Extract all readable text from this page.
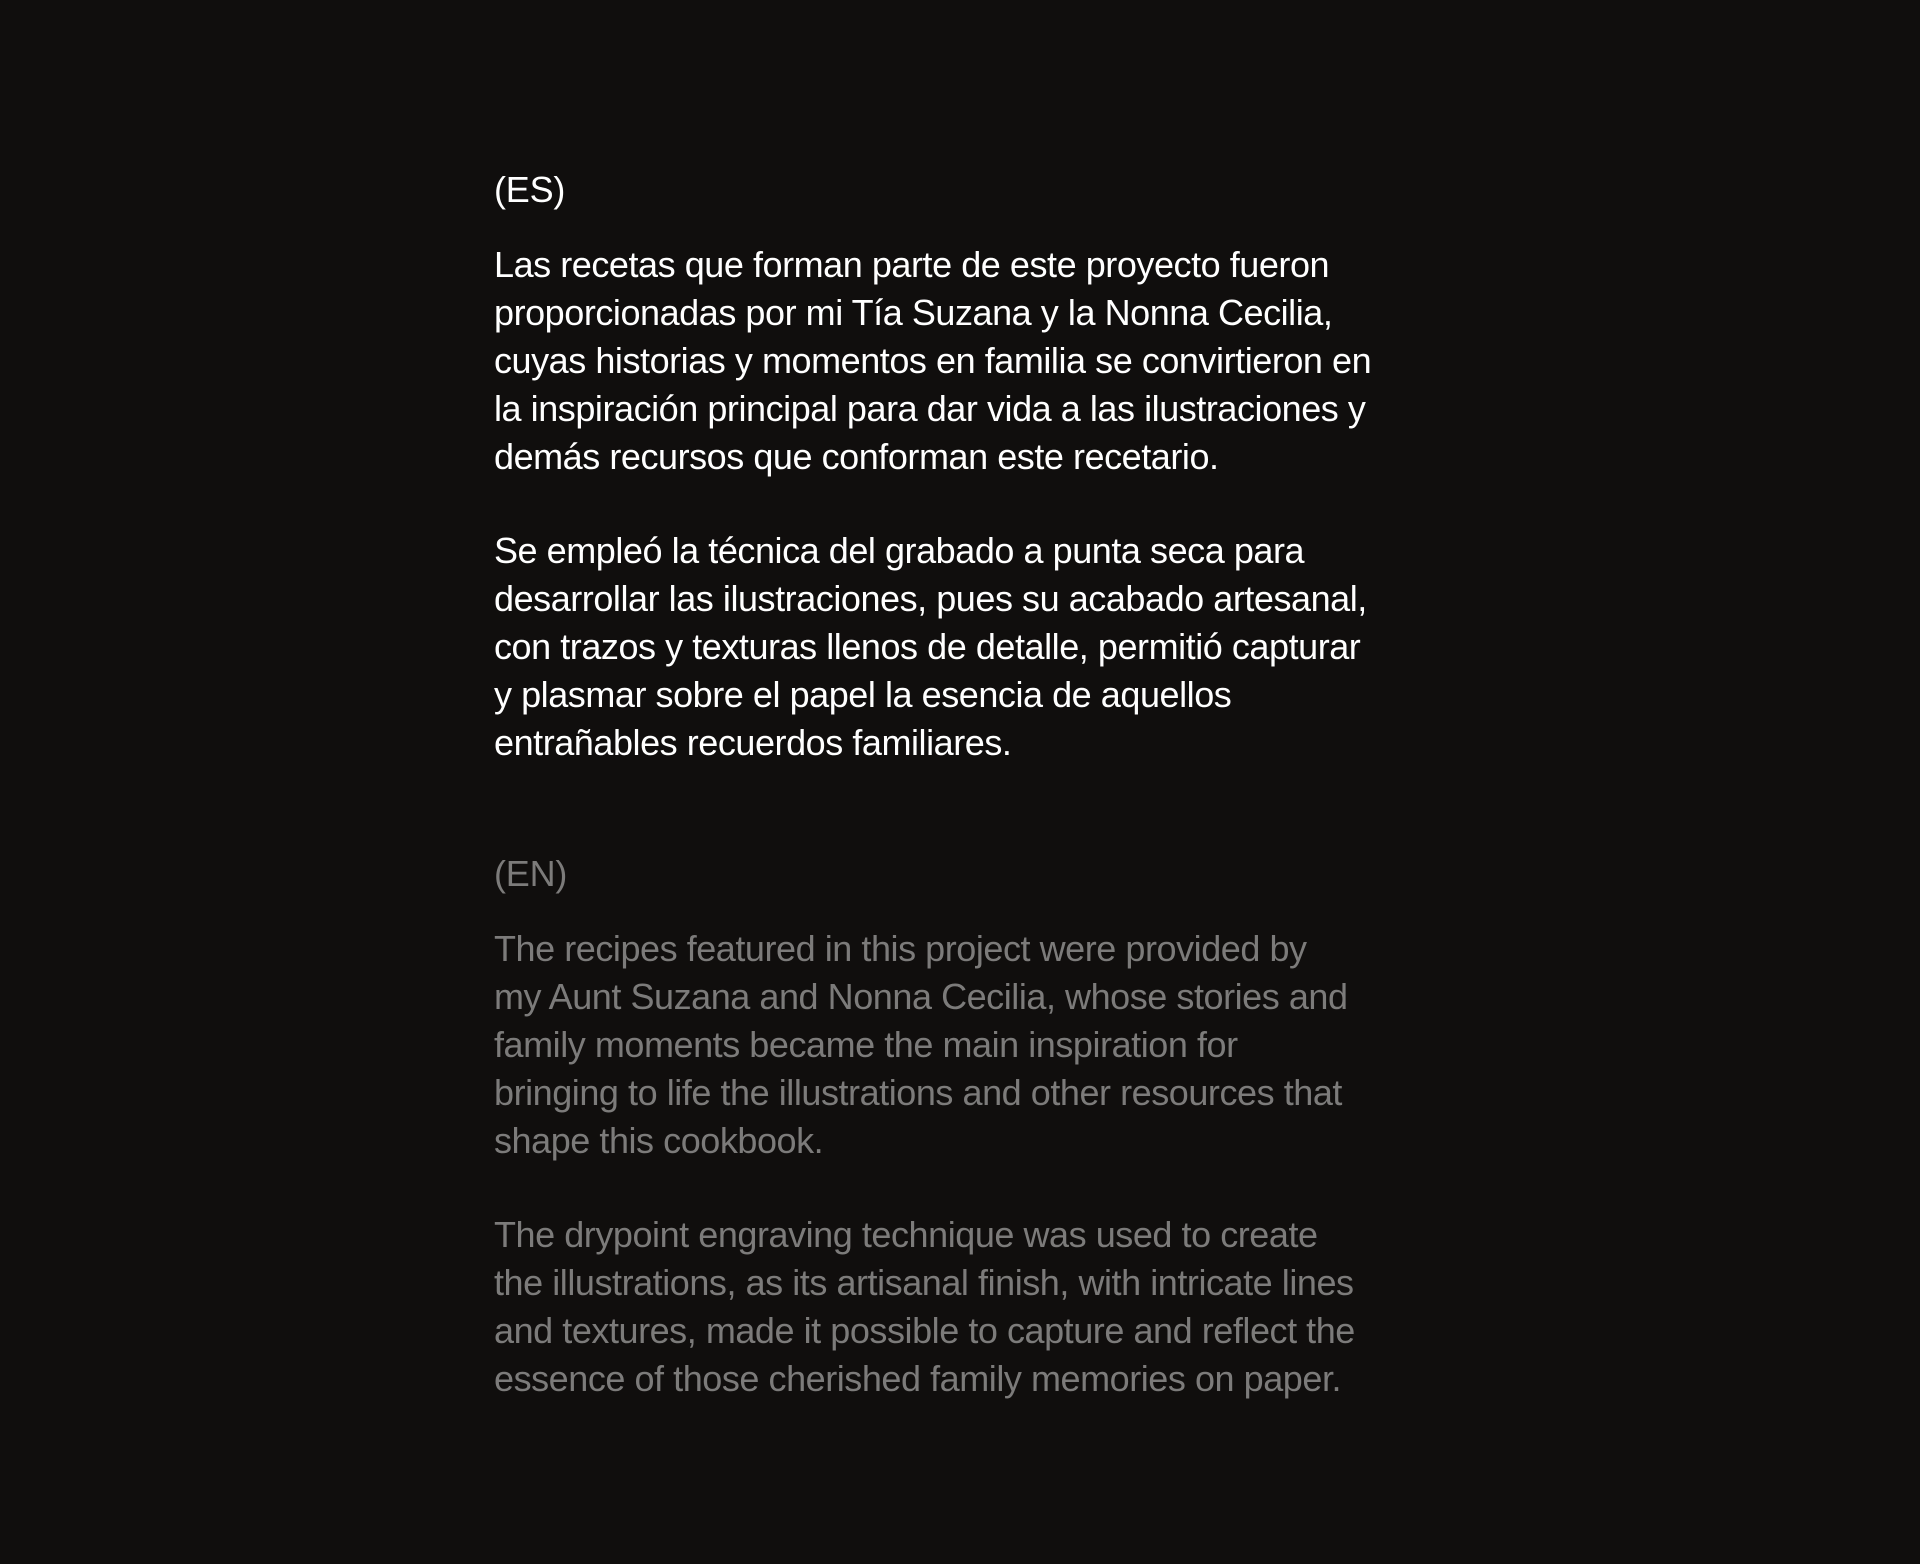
(ES)

Las recetas que forman parte de este proyecto fueron
proporcionadas por mi Tía Suzana y la Nonna Cecilia,
cuyas historias y momentos en familia se convirtieron en
la inspiración principal para dar vida a las ilustraciones y
demás recursos que conforman este recetario.

Se empleó la técnica del grabado a punta seca para
desarrollar las ilustraciones, pues su acabado artesanal,
con trazos y texturas llenos de detalle, permitió capturar
y plasmar sobre el papel la esencia de aquellos
entrañables recuerdos familiares.

(EN)

The recipes featured in this project were provided by
my Aunt Suzana and Nonna Cecilia, whose stories and
family moments became the main inspiration for
bringing to life the illustrations and other resources that
shape this cookbook.

The drypoint engraving technique was used to create
the illustrations, as its artisanal finish, with intricate lines
and textures, made it possible to capture and reflect the
essence of those cherished family memories on paper.
